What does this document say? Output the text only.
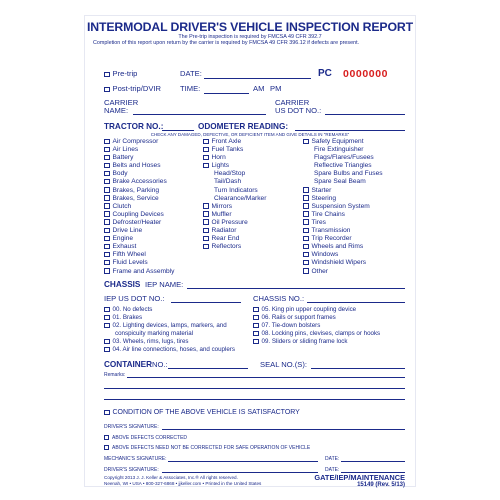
INTERMODAL DRIVER'S VEHICLE INSPECTION REPORT
The Pre-trip inspection is required by FMCSA 49 CFR 392.7
Completion of this report upon return by the carrier is required by FMCSA 49 CFR 396.12 if defects are present.
Pre-trip	DATE:	PC 0000000
Post-trip/DVIR TIME:	AM PM
CARRIER
NAME:
CARRIER
US DOT NO.:
TRACTOR NO.:	ODOMETER READING:
CHECK ANY DAMAGED, DEFECTIVE, OR DEFICIENT ITEM AND GIVE DETAILS IN "REMARKS"
Air Compressor
Air Lines
Battery
Belts and Hoses
Body
Brake Accessories
Brakes, Parking
Brakes, Service
Clutch
Coupling Devices
Defroster/Heater
Drive Line
Engine
Exhaust
Fifth Wheel
Fluid Levels
Frame and Assembly
Front Axle
Fuel Tanks
Horn
Lights
Head/Stop
Tail/Dash
Turn Indicators
Clearance/Marker
Mirrors
Muffler
Oil Pressure
Radiator
Rear End
Reflectors
Safety Equipment
Fire Extinguisher
Flags/Flares/Fusees
Reflective Triangles
Spare Bulbs and Fuses
Spare Seal Beam
Starter
Steering
Suspension System
Tire Chains
Tires
Transmission
Trip Recorder
Wheels and Rims
Windows
Windshield Wipers
Other
CHASSIS IEP NAME:
IEP US DOT NO.:	CHASSIS NO.:
00. No defects
01. Brakes
02. Lighting devices, lamps, markers, and
conspicuity marking material
03. Wheels, rims, lugs, tires
04. Air line connections, hoses, and couplers
05. King pin upper coupling device
06. Rails or support frames
07. Tie-down bolsters
08. Locking pins, clevises, clamps or hooks
09. Sliders or sliding frame lock
CONTAINER NO.:	SEAL NO.(S):
Remarks:
CONDITION OF THE ABOVE VEHICLE IS SATISFACTORY
DRIVER'S SIGNATURE:
ABOVE DEFECTS CORRECTED
ABOVE DEFECTS NEED NOT BE CORRECTED FOR SAFE OPERATION OF VEHICLE
MECHANIC'S SIGNATURE:	DATE:
DRIVER'S SIGNATURE:	DATE:
Copyright 2013 J. J. Keller & Associates, Inc.® All rights reserved.
Neenah, WI • USA • 800-327-6868 • jjkeller.com • Printed in the United States
GATE/IEP/MAINTENANCE
15149 (Rev. 5/13)
